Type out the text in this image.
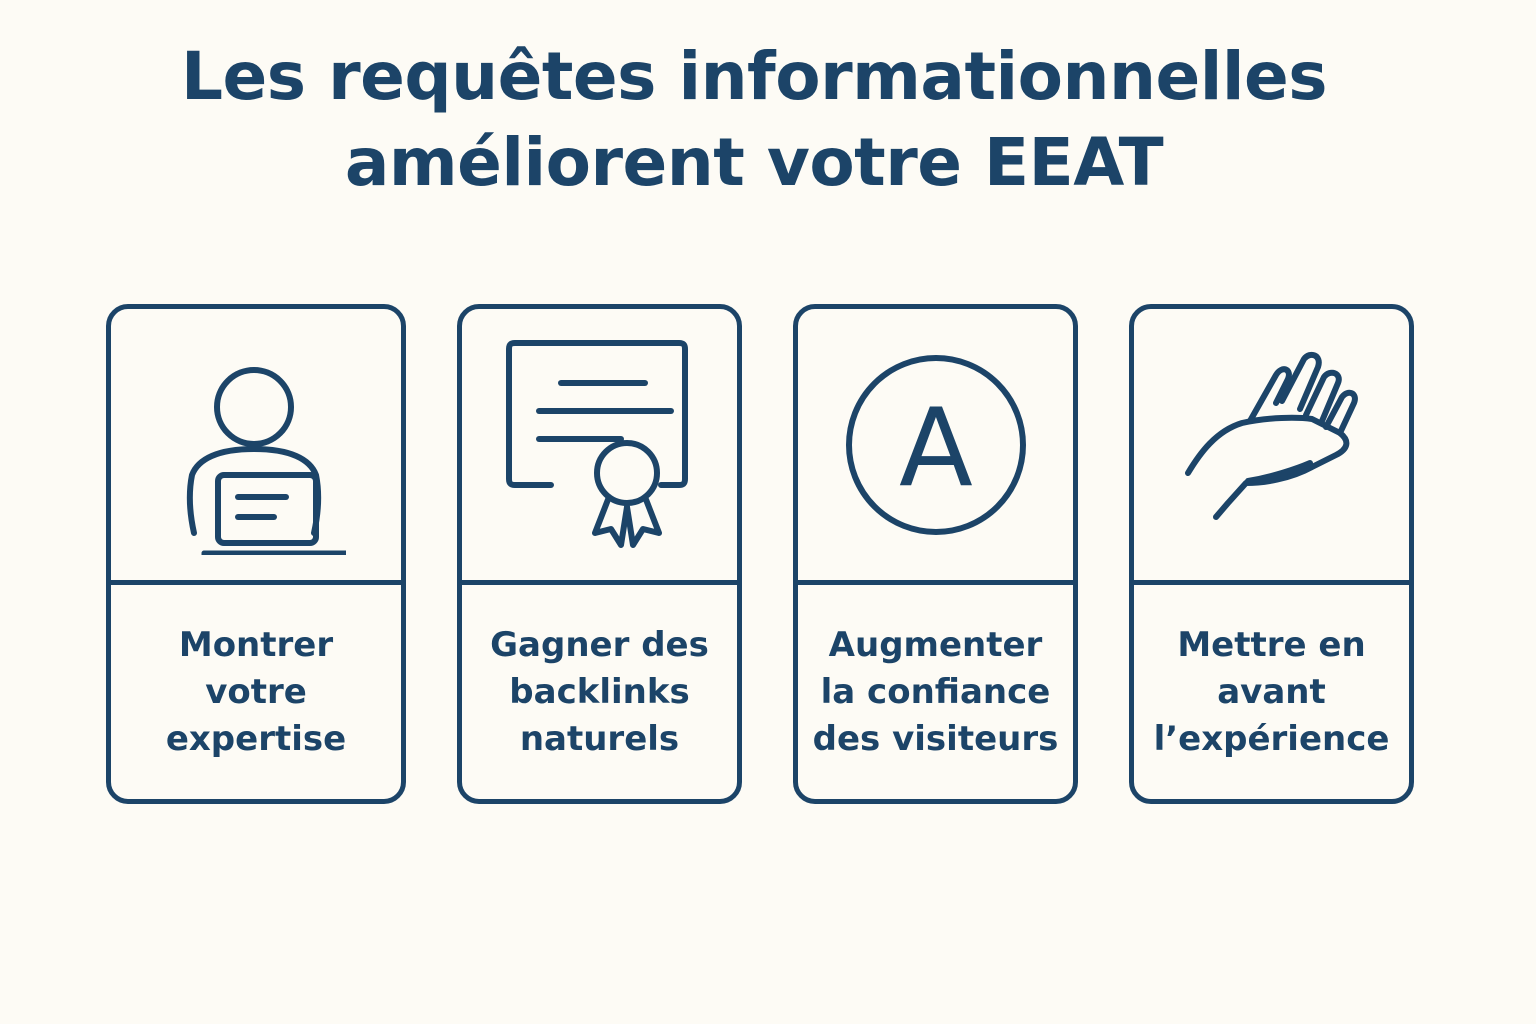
Les requêtes informationnelles
améliorent votre EEAT
Montrer
votre
expertise
Gagner des
backlinks
naturels
A
Augmenter
la confiance
des visiteurs
Mettre en
avant
l’expérience
